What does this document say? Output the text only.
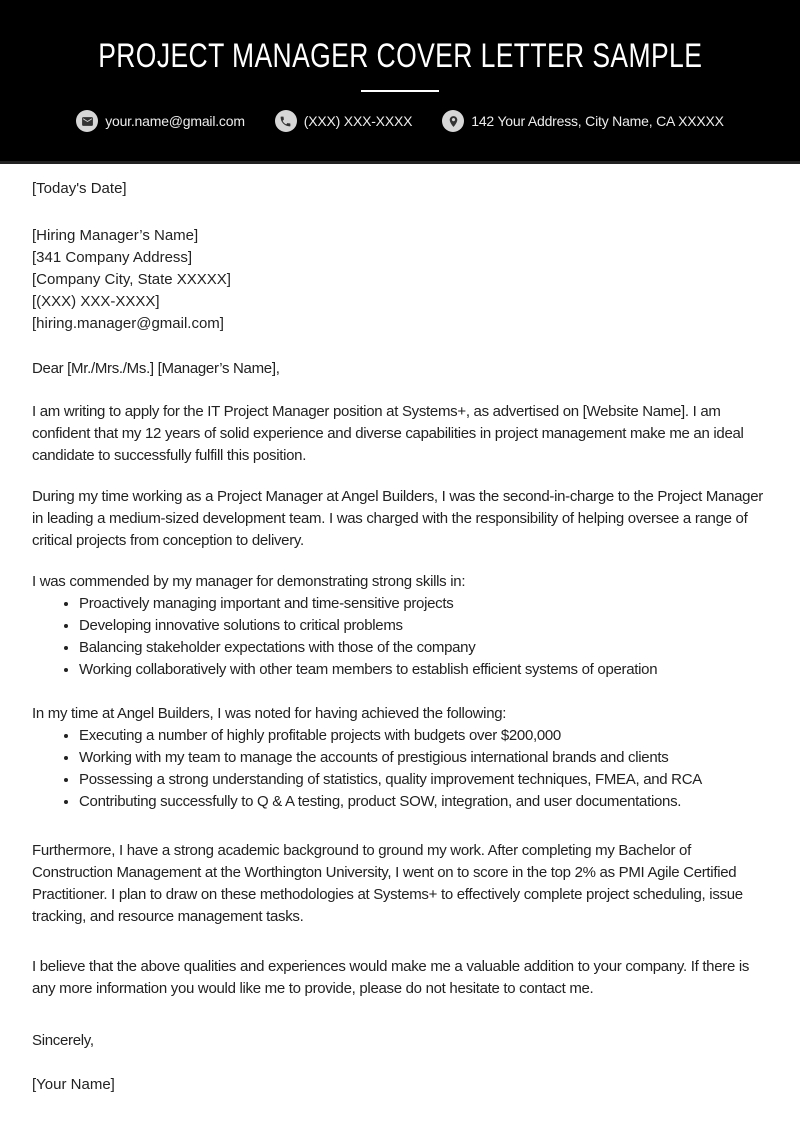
PROJECT MANAGER COVER LETTER SAMPLE
your.name@gmail.com	(XXX) XXX-XXXX	142 Your Address, City Name, CA XXXXX

[Today's Date]

[Hiring Manager’s Name]

[341 Company Address]

[Company City, State XXXXX]

[(XXX) XXX-XXXX]

[hiring.manager@gmail.com]

Dear [Mr./Mrs./Ms.] [Manager’s Name],

I am writing to apply for the IT Project Manager position at Systems+, as advertised on [Website Name]. I am confident that my 12 years of solid experience and diverse capabilities in project management make me an ideal candidate to successfully fulfill this position.

During my time working as a Project Manager at Angel Builders, I was the second-in-charge to the Project Manager in leading a medium-sized development team. I was charged with the responsibility of helping oversee a range of critical projects from conception to delivery.

I was commended by my manager for demonstrating strong skills in:

• Proactively managing important and time-sensitive projects
• Developing innovative solutions to critical problems
• Balancing stakeholder expectations with those of the company
• Working collaboratively with other team members to establish efficient systems of operation

In my time at Angel Builders, I was noted for having achieved the following:

• Executing a number of highly profitable projects with budgets over $200,000
• Working with my team to manage the accounts of prestigious international brands and clients
• Possessing a strong understanding of statistics, quality improvement techniques, FMEA, and RCA
• Contributing successfully to Q & A testing, product SOW, integration, and user documentations.

Furthermore, I have a strong academic background to ground my work. After completing my Bachelor of Construction Management at the Worthington University, I went on to score in the top 2% as PMI Agile Certified Practitioner. I plan to draw on these methodologies at Systems+ to effectively complete project scheduling, issue tracking, and resource management tasks.

I believe that the above qualities and experiences would make me a valuable addition to your company. If there is any more information you would like me to provide, please do not hesitate to contact me.

Sincerely,

[Your Name]
